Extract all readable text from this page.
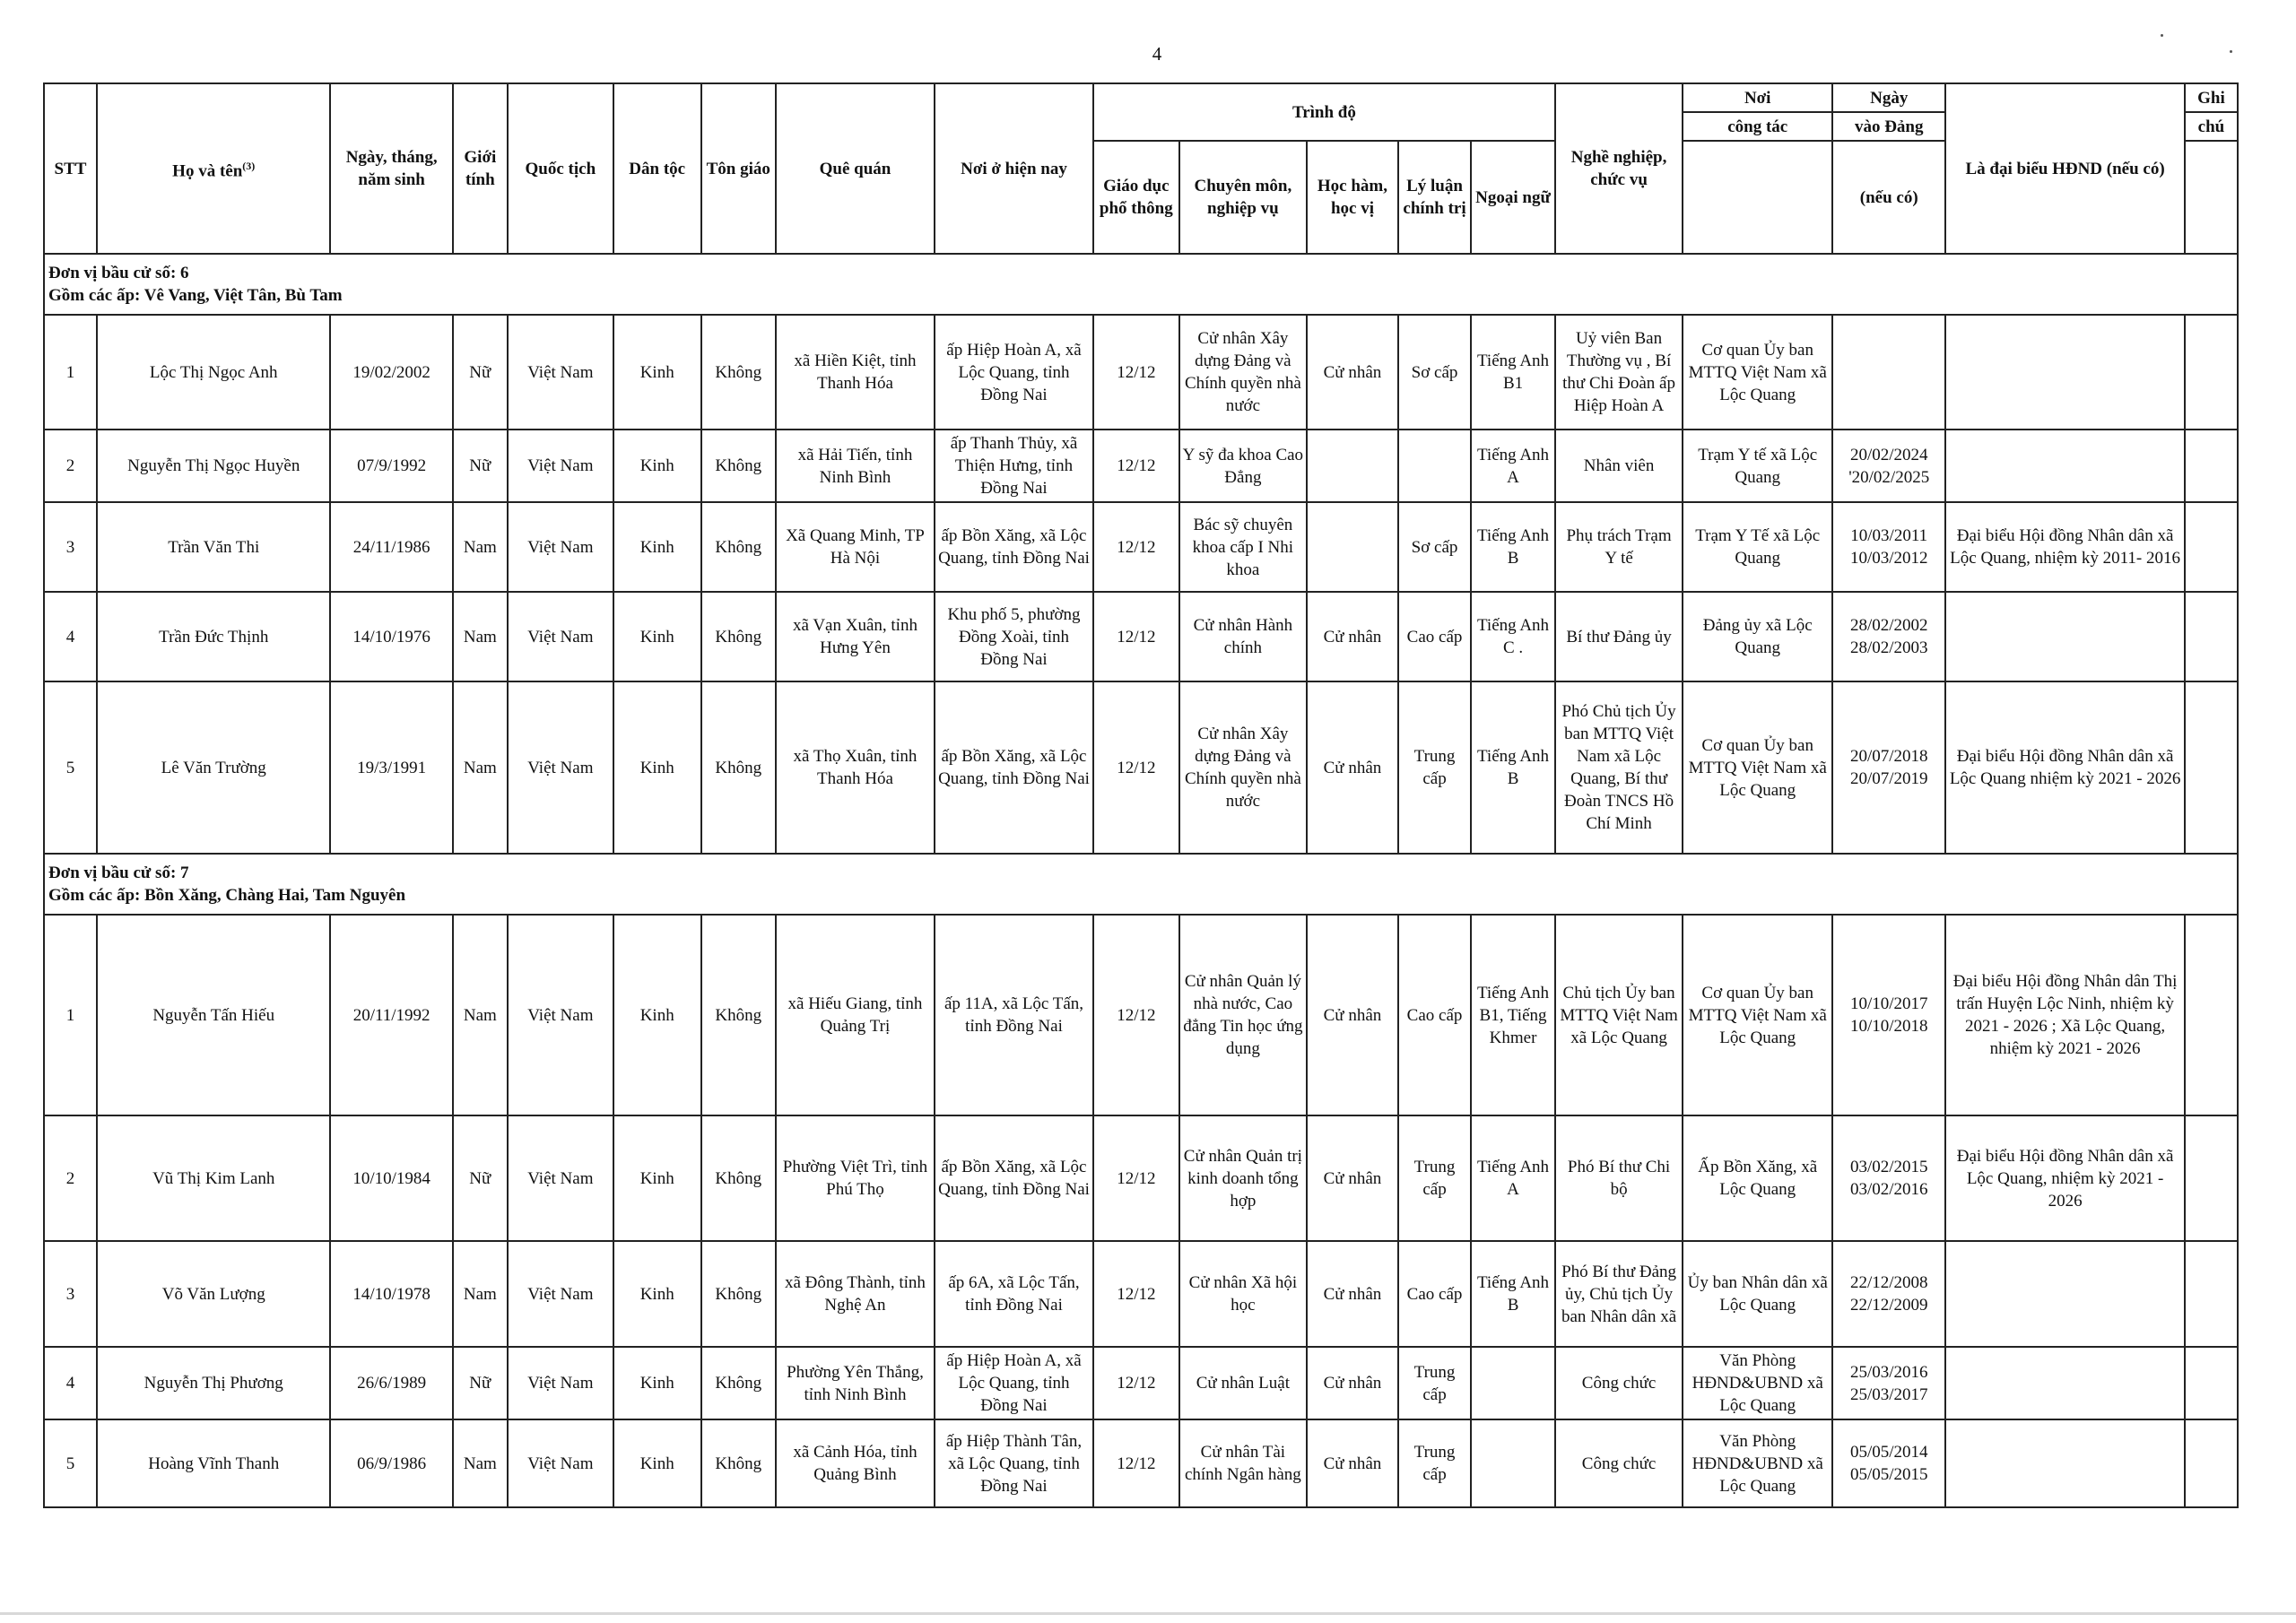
4
STT	Họ và tên$^{(3)}$	Ngày, tháng, năm sinh	Giới tính	Quốc tịch	Dân tộc	Tôn giáo	Quê quán	Nơi ở hiện nay	Trình độ					Nghề nghiệp, chức vụ	Nơi	Ngày	Là đại biểu HĐND (nếu có)	Ghi
															công tác	vào Đảng		chú
									Giáo dục phổ thông	Chuyên môn, nghiệp vụ	Học hàm, học vị	Lý luận chính trị	Ngoại ngữ			(nếu có)		

Đơn vị bầu cử số: 6
Gồm các ấp: Vê Vang, Việt Tân, Bù Tam																		

1	Lộc Thị Ngọc Anh	19/02/2002	Nữ	Việt Nam	Kinh	Không	xã Hiền Kiệt, tỉnh Thanh Hóa	ấp Hiệp Hoàn A, xã Lộc Quang, tỉnh Đồng Nai	12/12	Cử nhân Xây dựng Đảng và Chính quyền nhà nước	Cử nhân	Sơ cấp	Tiếng Anh B1	Uỷ viên Ban Thường vụ , Bí thư Chi Đoàn ấp Hiệp Hoàn A	Cơ quan Ủy ban MTTQ Việt Nam xã Lộc Quang			
2	Nguyễn Thị Ngọc Huyền	07/9/1992	Nữ	Việt Nam	Kinh	Không	xã Hải Tiến, tỉnh Ninh Bình	ấp Thanh Thủy, xã Thiện Hưng, tỉnh Đồng Nai	12/12	Y sỹ đa khoa Cao Đẳng			Tiếng Anh A	Nhân viên	Trạm Y tế xã Lộc Quang	20/02/2024 '20/02/2025		
3	Trần Văn Thi	24/11/1986	Nam	Việt Nam	Kinh	Không	Xã Quang Minh, TP Hà Nội	ấp Bồn Xăng, xã Lộc Quang, tỉnh Đồng Nai	12/12	Bác sỹ chuyên khoa cấp I Nhi khoa		Sơ cấp	Tiếng Anh B	Phụ trách Trạm Y tế	Trạm Y Tế xã Lộc Quang	10/03/2011 10/03/2012	Đại biểu Hội đồng Nhân dân xã Lộc Quang, nhiệm kỳ 2011- 2016	
4	Trần Đức Thịnh	14/10/1976	Nam	Việt Nam	Kinh	Không	xã Vạn Xuân, tỉnh Hưng Yên	Khu phố 5, phường Đồng Xoài, tỉnh Đồng Nai	12/12	Cử nhân Hành chính	Cử nhân	Cao cấp	Tiếng Anh C .	Bí thư Đảng ủy	Đảng ủy xã Lộc Quang	28/02/2002 28/02/2003		
5	Lê Văn Trường	19/3/1991	Nam	Việt Nam	Kinh	Không	xã Thọ Xuân, tỉnh Thanh Hóa	ấp Bồn Xăng, xã Lộc Quang, tỉnh Đồng Nai	12/12	Cử nhân Xây dựng Đảng và Chính quyền nhà nước	Cử nhân	Trung cấp	Tiếng Anh B	Phó Chủ tịch Ủy ban MTTQ Việt Nam xã Lộc Quang, Bí thư Đoàn TNCS Hồ Chí Minh	Cơ quan Ủy ban MTTQ Việt Nam xã Lộc Quang	20/07/2018 20/07/2019	Đại biểu Hội đồng Nhân dân xã Lộc Quang nhiệm kỳ 2021 - 2026	

Đơn vị bầu cử số: 7
Gồm các ấp: Bồn Xăng, Chàng Hai, Tam Nguyên																		

1	Nguyễn Tấn Hiếu	20/11/1992	Nam	Việt Nam	Kinh	Không	xã Hiếu Giang, tỉnh Quảng Trị	ấp 11A, xã Lộc Tấn, tỉnh Đồng Nai	12/12	Cử nhân Quản lý nhà nước, Cao đẳng Tin học ứng dụng	Cử nhân	Cao cấp	Tiếng Anh B1, Tiếng Khmer	Chủ tịch Ủy ban MTTQ Việt Nam xã Lộc Quang	Cơ quan Ủy ban MTTQ Việt Nam xã Lộc Quang	10/10/2017 10/10/2018	Đại biểu Hội đồng Nhân dân Thị trấn Huyện Lộc Ninh, nhiệm kỳ 2021 - 2026 ; Xã Lộc Quang, nhiệm kỳ 2021 - 2026	
2	Vũ Thị Kim Lanh	10/10/1984	Nữ	Việt Nam	Kinh	Không	Phường Việt Trì, tỉnh Phú Thọ	ấp Bồn Xăng, xã Lộc Quang, tỉnh Đồng Nai	12/12	Cử nhân Quản trị kinh doanh tổng hợp	Cử nhân	Trung cấp	Tiếng Anh A	Phó Bí thư Chi bộ	Ấp Bồn Xăng, xã Lộc Quang	03/02/2015 03/02/2016	Đại biểu Hội đồng Nhân dân xã Lộc Quang, nhiệm kỳ 2021 - 2026	
3	Võ Văn Lượng	14/10/1978	Nam	Việt Nam	Kinh	Không	xã Đông Thành, tỉnh Nghệ An	ấp 6A, xã Lộc Tấn, tỉnh Đồng Nai	12/12	Cử nhân Xã hội học	Cử nhân	Cao cấp	Tiếng Anh B	Phó Bí thư Đảng ủy, Chủ tịch Ủy ban Nhân dân xã	Ủy ban Nhân dân xã Lộc Quang	22/12/2008 22/12/2009		
4	Nguyễn Thị Phương	26/6/1989	Nữ	Việt Nam	Kinh	Không	Phường Yên Thắng, tỉnh Ninh Bình	ấp Hiệp Hoàn A, xã Lộc Quang, tỉnh Đồng Nai	12/12	Cử nhân Luật	Cử nhân	Trung cấp		Công chức	Văn Phòng HĐND&UBND xã Lộc Quang	25/03/2016 25/03/2017		
5	Hoàng Vĩnh Thanh	06/9/1986	Nam	Việt Nam	Kinh	Không	xã Cảnh Hóa, tỉnh Quảng Bình	ấp Hiệp Thành Tân, xã Lộc Quang, tỉnh Đồng Nai	12/12	Cử nhân Tài chính Ngân hàng	Cử nhân	Trung cấp		Công chức	Văn Phòng HĐND&UBND xã Lộc Quang	05/05/2014 05/05/2015		
